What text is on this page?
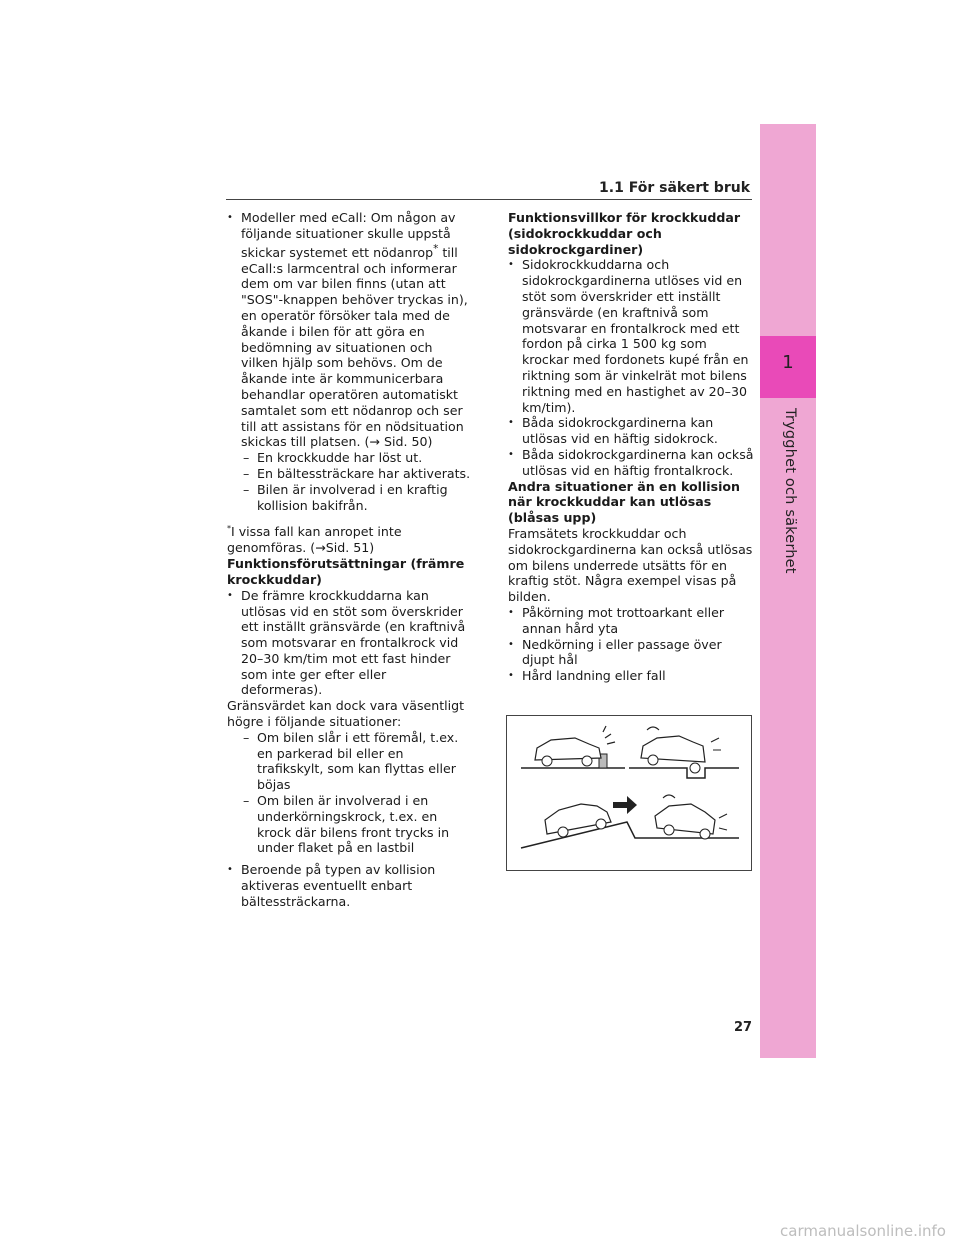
1
Trygghet och säkerhet
1.1 För säkert bruk

• Modeller med eCall: Om någon av följande situationer skulle uppstå skickar systemet ett nödanrop* till eCall:s larmcentral och informerar dem om var bilen finns (utan att "SOS"-knappen behöver tryckas in), en operatör försöker tala med de åkande i bilen för att göra en bedömning av situationen och vilken hjälp som behövs. Om de åkande inte är kommunicerbara behandlar operatören automatiskt samtalet som ett nödanrop och ser till att assistans för en nödsituation skickas till platsen. (→ Sid. 50)

– En krockkudde har löst ut.

– En bältessträckare har aktiverats.

– Bilen är involverad i en kraftig kollision bakifrån.

*I vissa fall kan anropet inte genomföras. (→Sid. 51)

Funktionsförutsättningar (främre krockkuddar)

• De främre krockkuddarna kan utlösas vid en stöt som överskrider ett inställt gränsvärde (en kraftnivå som motsvarar en frontalkrock vid 20–30 km/tim mot ett fast hinder som inte ger efter eller deformeras).

Gränsvärdet kan dock vara väsentligt högre i följande situationer:

– Om bilen slår i ett föremål, t.ex. en parkerad bil eller en trafikskylt, som kan flyttas eller böjas

– Om bilen är involverad i en underkörningskrock, t.ex. en krock där bilens front trycks in under flaket på en lastbil

• Beroende på typen av kollision aktiveras eventuellt enbart bältessträckarna.

Funktionsvillkor för krockkuddar (sidokrockkuddar och sidokrockgardiner)

• Sidokrockkuddarna och sidokrockgardinerna utlöses vid en stöt som överskrider ett inställt gränsvärde (en kraftnivå som motsvarar en frontalkrock med ett fordon på cirka 1 500 kg som krockar med fordonets kupé från en riktning som är vinkelrät mot bilens riktning med en hastighet av 20–30 km/tim).

• Båda sidokrockgardinerna kan utlösas vid en häftig sidokrock.

• Båda sidokrockgardinerna kan också utlösas vid en häftig frontalkrock.

Andra situationer än en kollision när krockkuddar kan utlösas (blåsas upp)

Framsätets krockkuddar och sidokrockgardinerna kan också utlösas om bilens underrede utsätts för en kraftig stöt. Några exempel visas på bilden.

• Påkörning mot trottoarkant eller annan hård yta

• Nedkörning i eller passage över djupt hål

• Hård landning eller fall

27
carmanualsonline.info
